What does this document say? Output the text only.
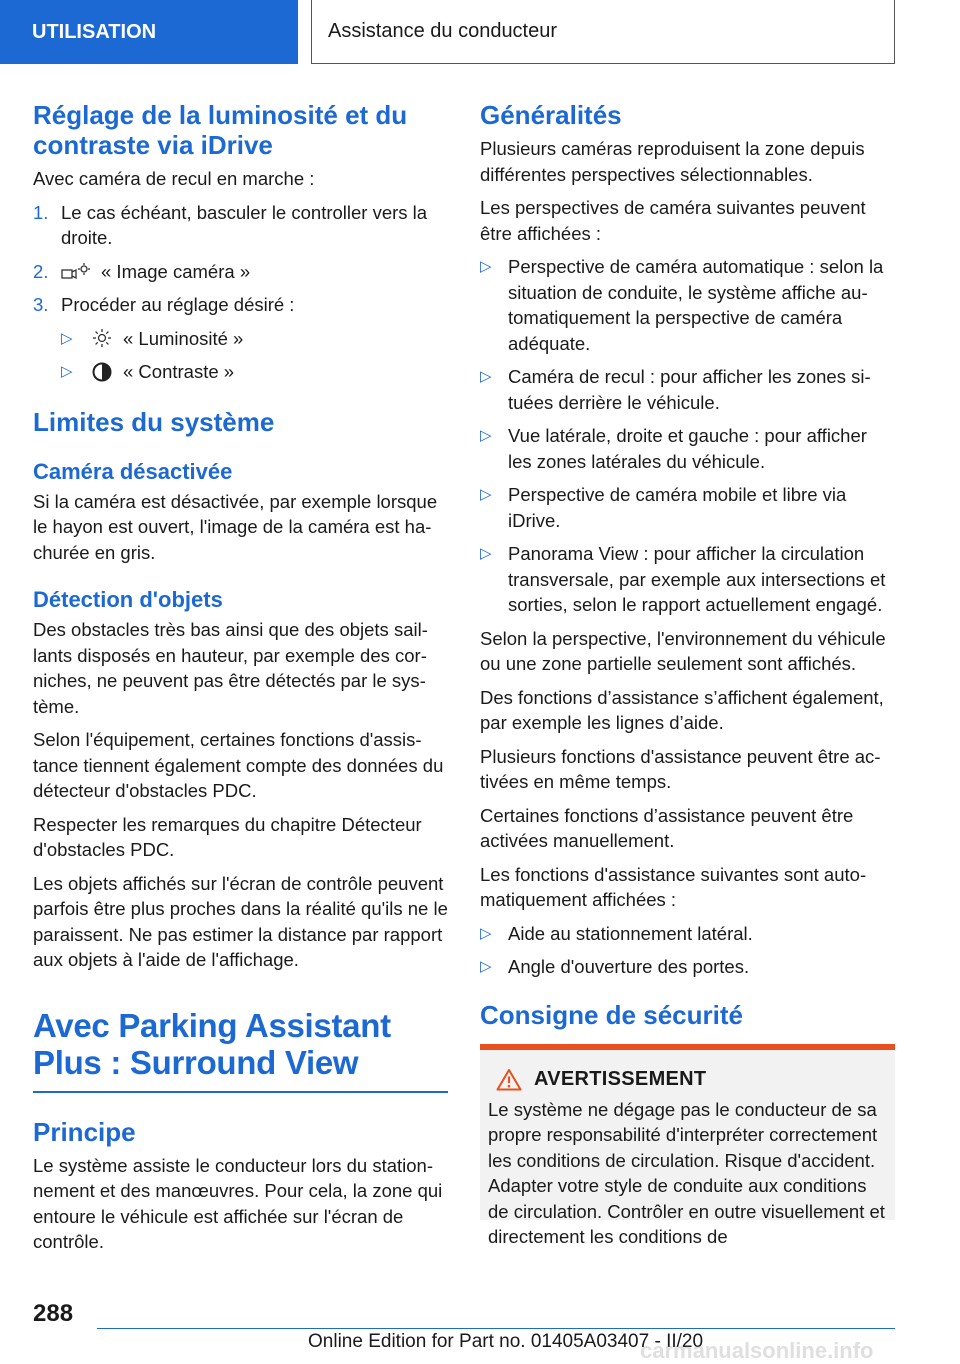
UTILISATION	Assistance du conducteur
Réglage de la luminosité et du contraste via iDrive

Avec caméra de recul en marche :

1. Le cas échéant, basculer le controller vers la droite.
2.	« Image caméra »
3. Procéder au réglage désiré :
▷	« Luminosité »
▷	« Contraste »
Limites du système
Caméra désactivée

Si la caméra est désactivée, par exemple lorsque le hayon est ouvert, l'image de la caméra est hachurée en gris.

Détection d'objets

Des obstacles très bas ainsi que des objets saillants disposés en hauteur, par exemple des corniches, ne peuvent pas être détectés par le système.

Selon l'équipement, certaines fonctions d'assistance tiennent également compte des données du détecteur d'obstacles PDC.

Respecter les remarques du chapitre Détecteur d'obstacles PDC.

Les objets affichés sur l'écran de contrôle peuvent parfois être plus proches dans la réalité qu'ils ne le paraissent. Ne pas estimer la distance par rapport aux objets à l'aide de l'affichage.

Avec Parking Assistant Plus : Surround View
Principe

Le système assiste le conducteur lors du stationnement et des manœuvres. Pour cela, la zone qui entoure le véhicule est affichée sur l'écran de contrôle.

Généralités

Plusieurs caméras reproduisent la zone depuis différentes perspectives sélectionnables.

Les perspectives de caméra suivantes peuvent être affichées :

▷ Perspective de caméra automatique : selon la situation de conduite, le système affiche automatiquement la perspective de caméra adéquate.
▷ Caméra de recul : pour afficher les zones situées derrière le véhicule.
▷ Vue latérale, droite et gauche : pour afficher les zones latérales du véhicule.
▷ Perspective de caméra mobile et libre via iDrive.
▷ Panorama View : pour afficher la circulation transversale, par exemple aux intersections et sorties, selon le rapport actuellement engagé.

Selon la perspective, l'environnement du véhicule ou une zone partielle seulement sont affichés.

Des fonctions d’assistance s’affichent également, par exemple les lignes d’aide.

Plusieurs fonctions d'assistance peuvent être activées en même temps.

Certaines fonctions d’assistance peuvent être activées manuellement.

Les fonctions d'assistance suivantes sont automatiquement affichées :

▷ Aide au stationnement latéral.
▷ Angle d'ouverture des portes.
Consigne de sécurité
AVERTISSEMENT

Le système ne dégage pas le conducteur de sa propre responsabilité d'interpréter correctement les conditions de circulation. Risque d'accident. Adapter votre style de conduite aux conditions de circulation. Contrôler en outre visuellement et directement les conditions de

288
Online Edition for Part no. 01405A03407 - II/20
carmanualsonline.info
